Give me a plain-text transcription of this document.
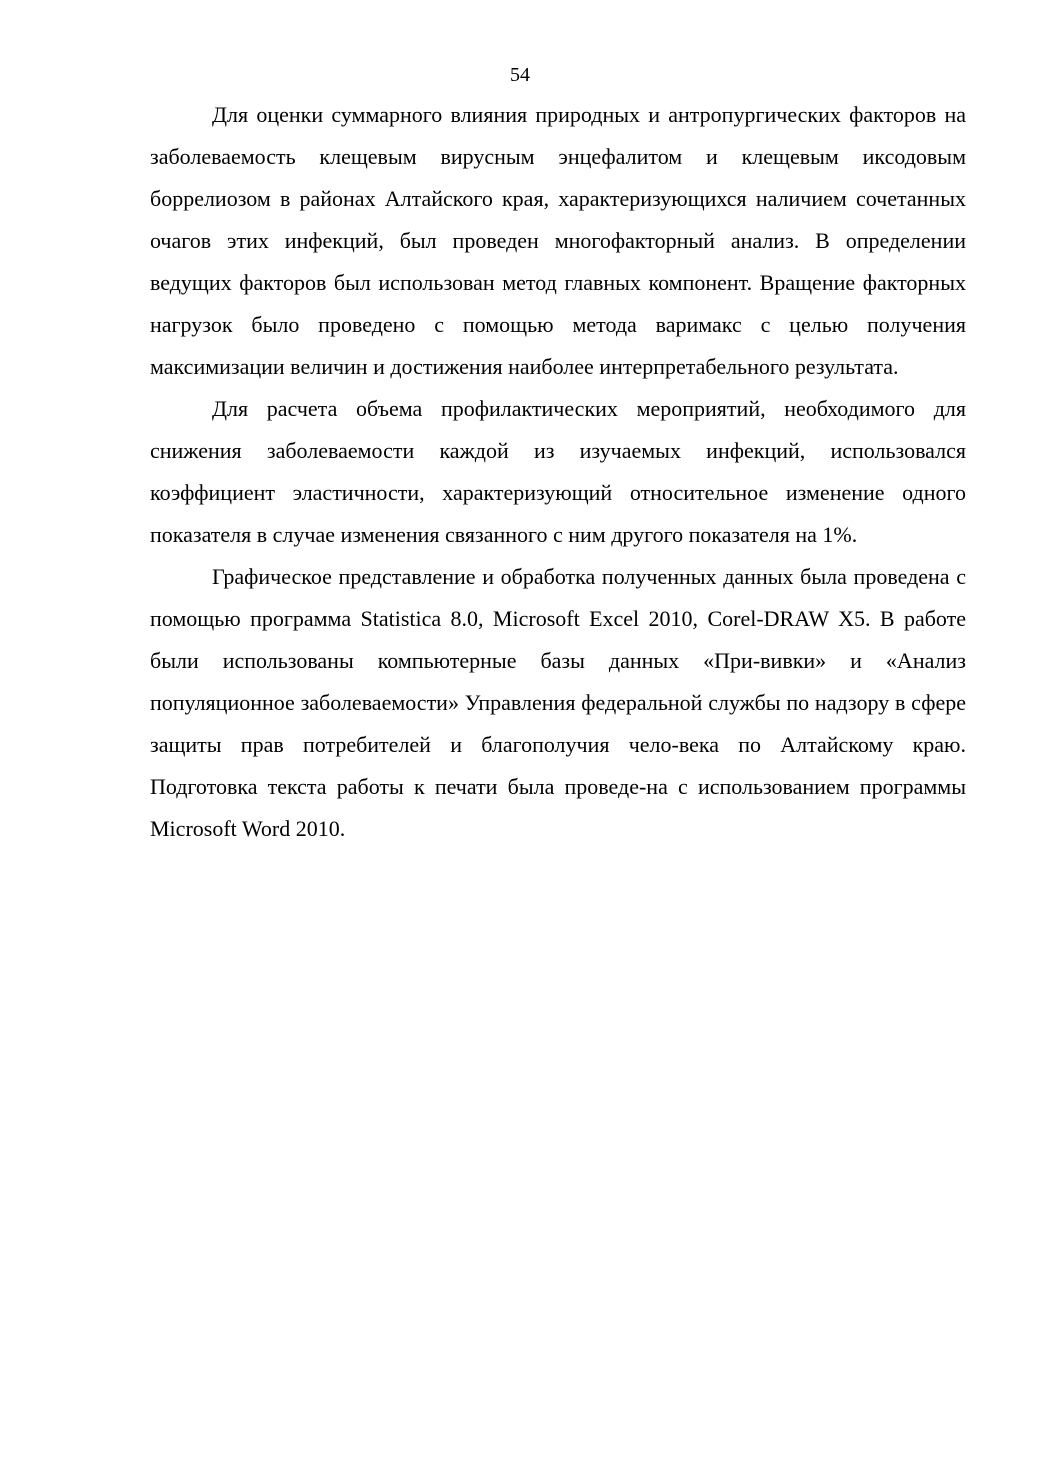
54

Для оценки суммарного влияния природных и антропургических факторов на заболеваемость клещевым вирусным энцефалитом и клещевым иксодовым боррелиозом в районах Алтайского края, характеризующихся наличием сочетанных очагов этих инфекций, был проведен многофакторный анализ. В определении ведущих факторов был использован метод главных компонент. Вращение факторных нагрузок было проведено с помощью метода варимакс с целью получения максимизации величин и достижения наиболее интерпретабельного результата.

Для расчета объема профилактических мероприятий, необходимого для снижения заболеваемости каждой из изучаемых инфекций, использовался коэффициент эластичности, характеризующий относительное изменение одного показателя в случае изменения связанного с ним другого показателя на 1%.

Графическое представление и обработка полученных данных была проведена с помощью программа Statistica 8.0, Microsoft Excel 2010, Corel-DRAW X5. В работе были использованы компьютерные базы данных «При-вивки» и «Анализ популяционное заболеваемости» Управления федеральной службы по надзору в сфере защиты прав потребителей и благополучия чело-века по Алтайскому краю. Подготовка текста работы к печати была проведе-на с использованием программы Microsoft Word 2010.
